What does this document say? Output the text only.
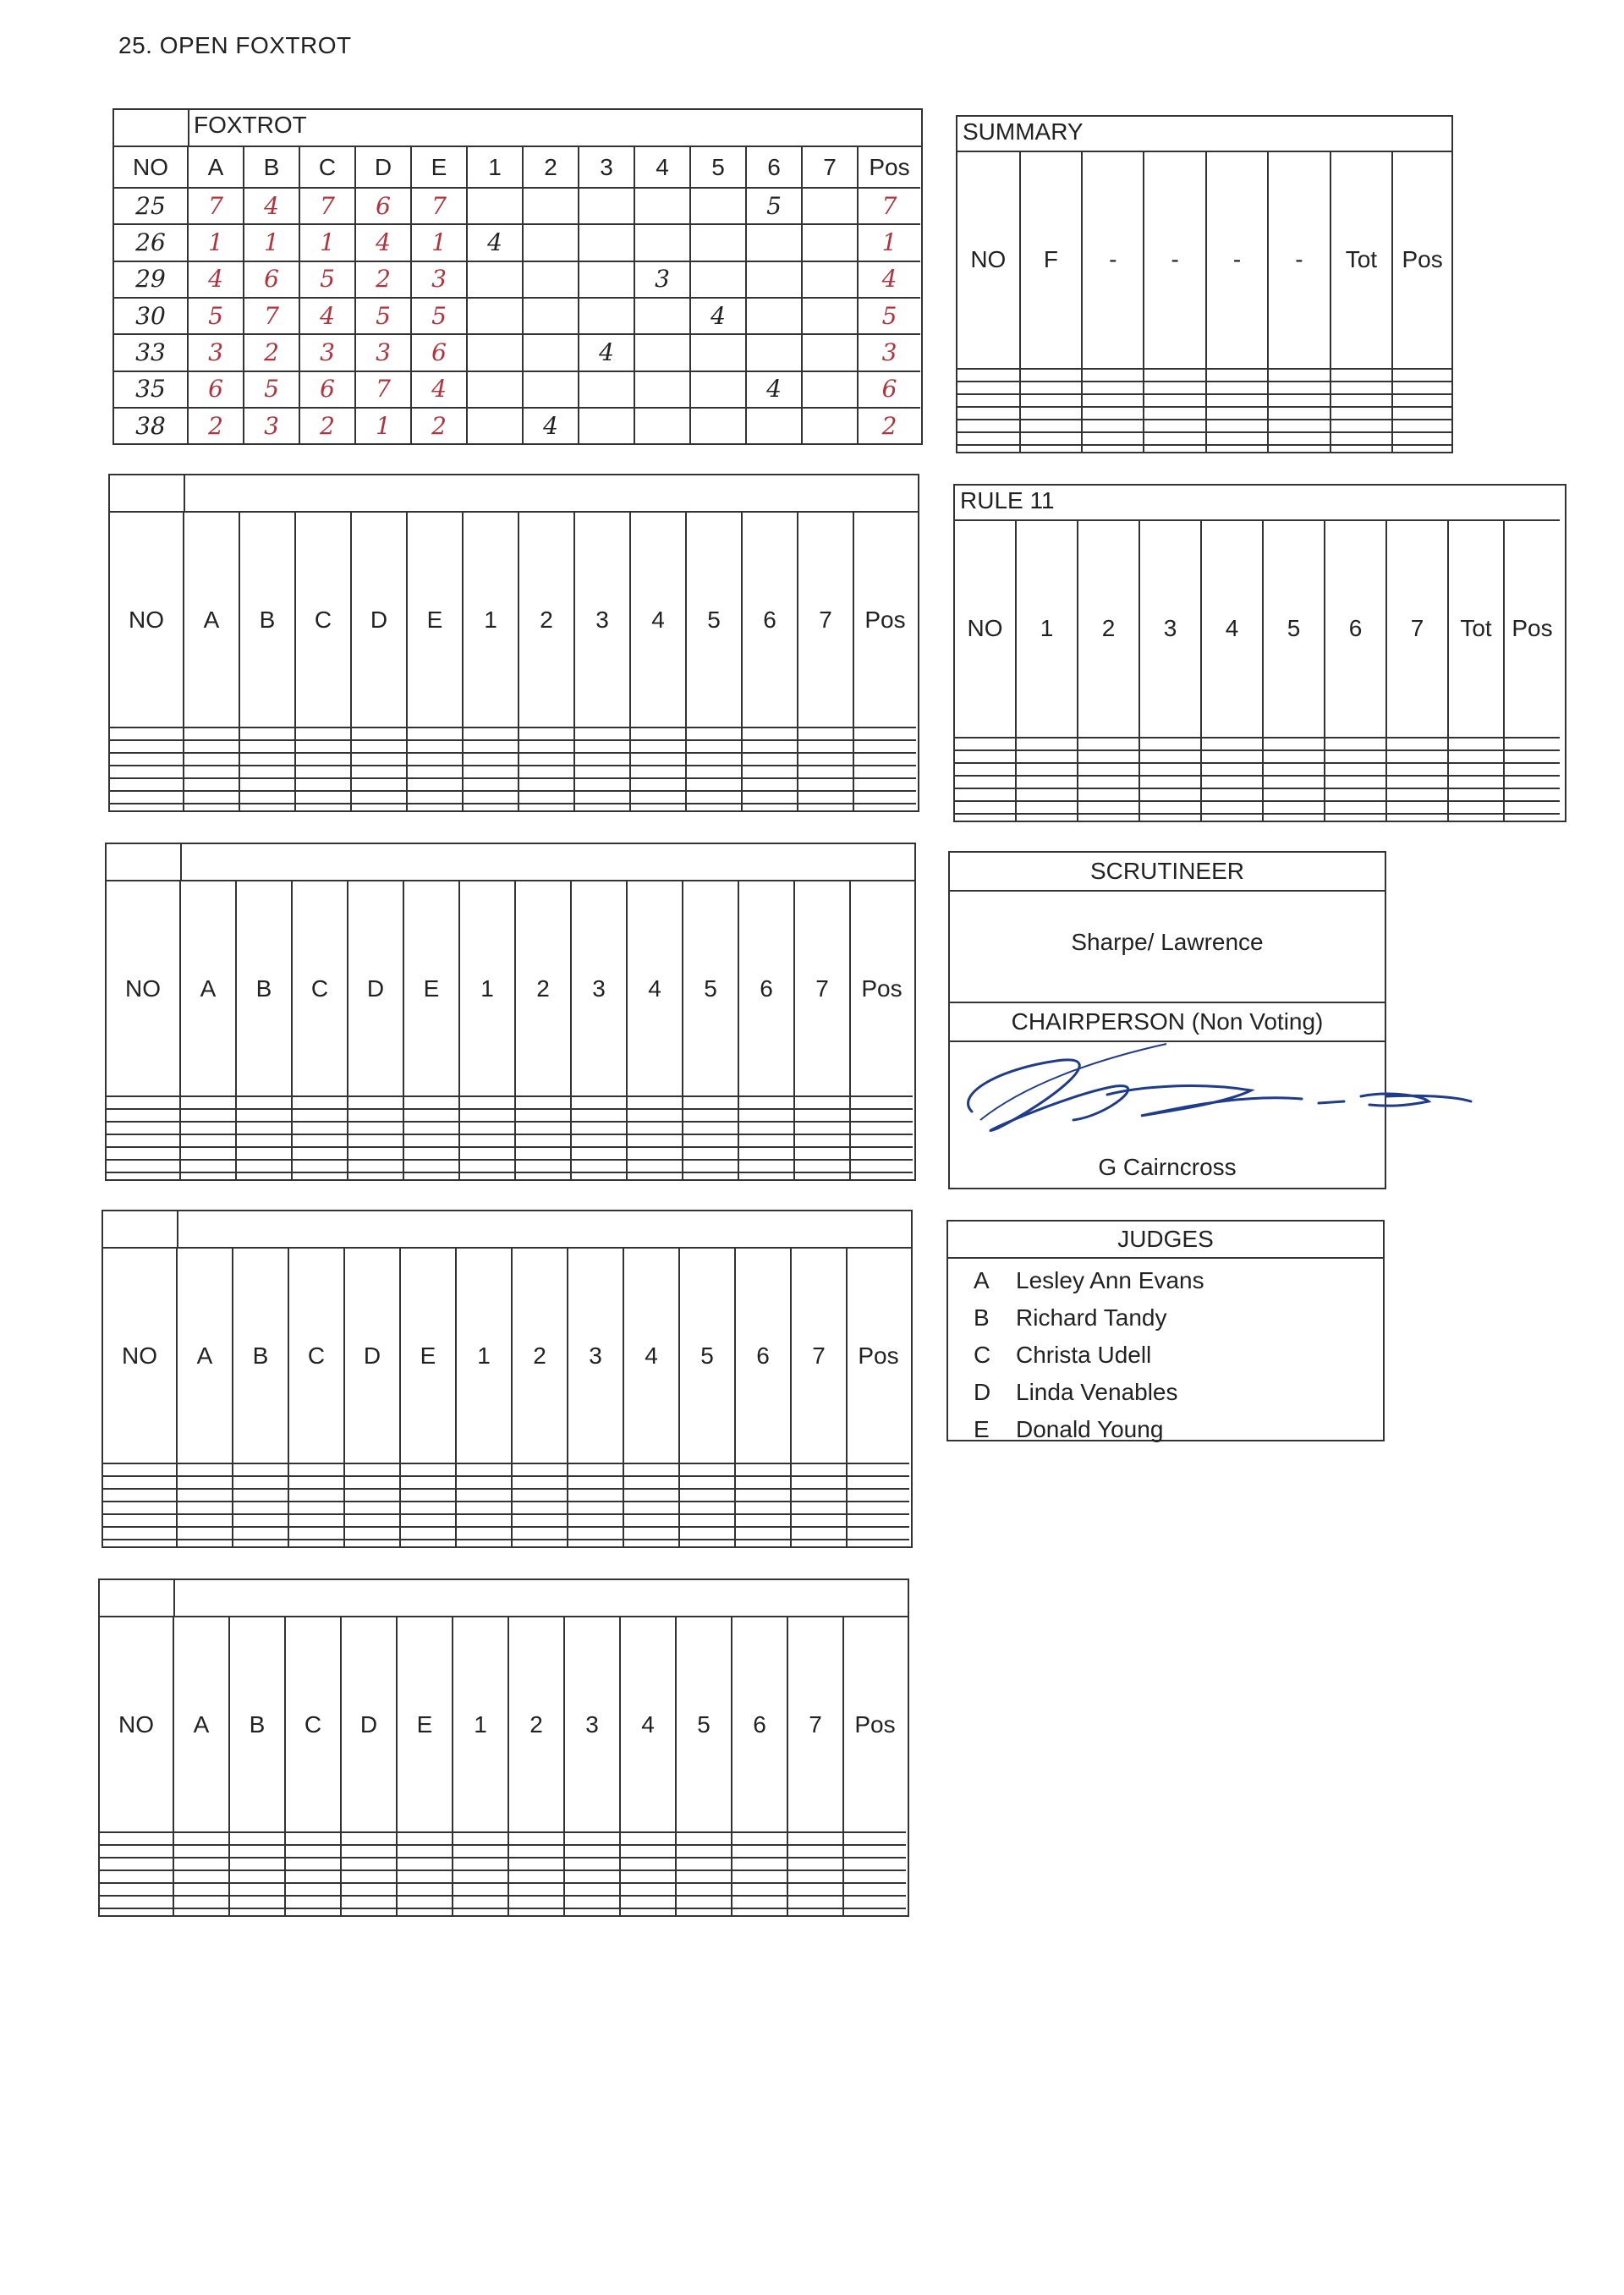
25. OPEN FOXTROT
FOXTROT
NO	A	B	C	D	E	1	2	3	4	5	6	7	Pos
25	7	4	7	6	7						5		7
26	1	1	1	4	1	4							1
29	4	6	5	2	3				3				4
30	5	7	4	5	5					4			5
33	3	2	3	3	6			4					3
35	6	5	6	7	4						4		6
38	2	3	2	1	2		4						2
NO	A	B	C	D	E	1	2	3	4	5	6	7	Pos

NO	A	B	C	D	E	1	2	3	4	5	6	7	Pos

NO	A	B	C	D	E	1	2	3	4	5	6	7	Pos

NO	A	B	C	D	E	1	2	3	4	5	6	7	Pos

SUMMARY
NO	F	-	-	-	-	Tot	Pos

RULE 11
NO	1	2	3	4	5	6	7	Tot	Pos

SCRUTINEER
Sharpe/ Lawrence
CHAIRPERSON (Non Voting)
G Cairncross
JUDGES
A Lesley Ann Evans
B Richard Tandy
C Christa Udell
D Linda Venables
E Donald Young
